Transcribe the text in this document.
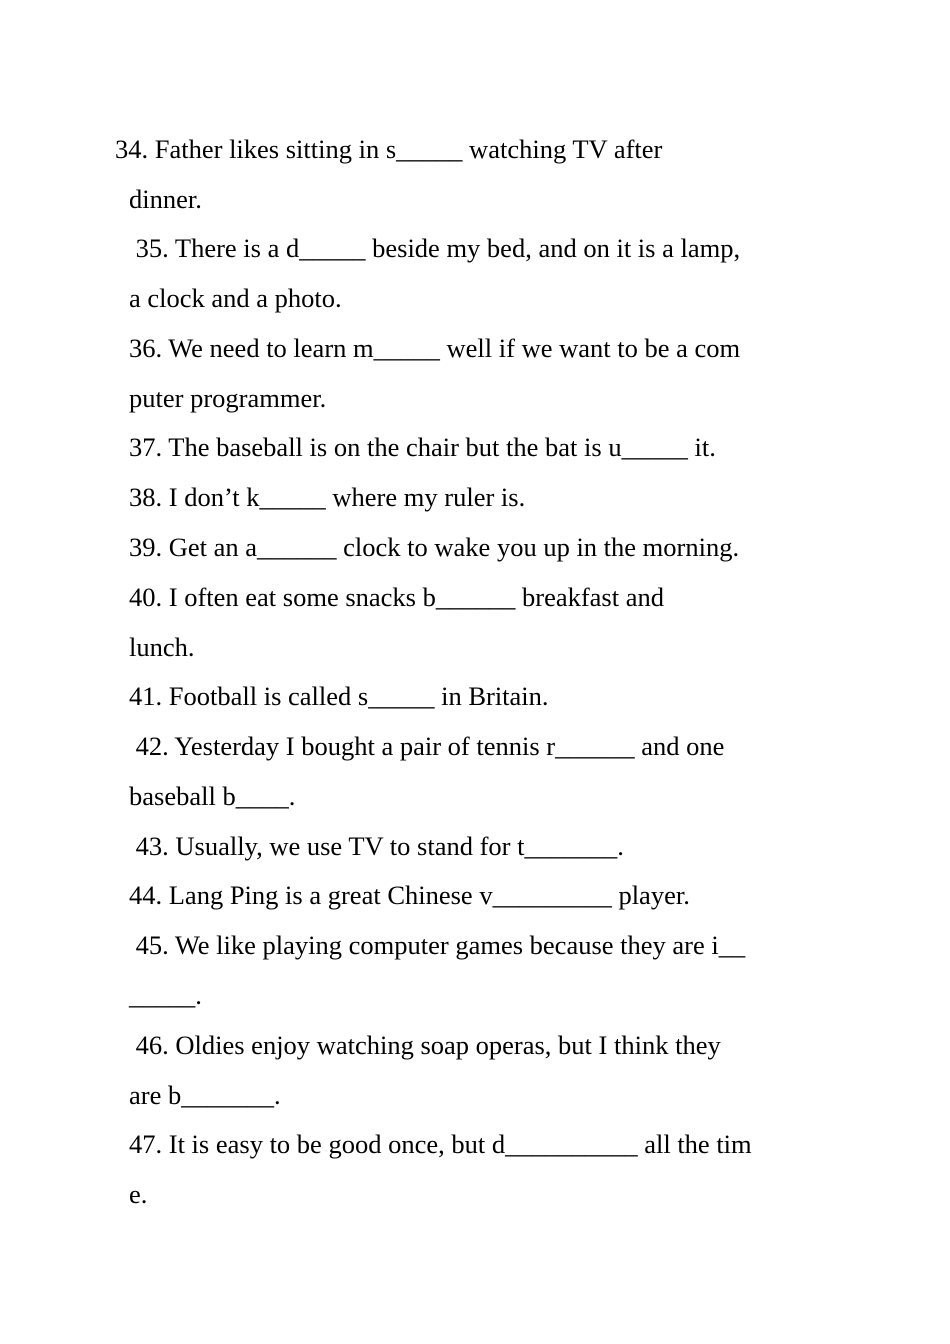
34. Father likes sitting in s_____ watching TV after
dinner.
35. There is a d_____ beside my bed, and on it is a lamp,
a clock and a photo.
36. We need to learn m_____ well if we want to be a com
puter programmer.
37. The baseball is on the chair but the bat is u_____ it.
38. I don’t k_____ where my ruler is.
39. Get an a______ clock to wake you up in the morning.
40. I often eat some snacks b______ breakfast and
lunch.
41. Football is called s_____ in Britain.
42. Yesterday I bought a pair of tennis r______ and one
baseball b____.
43. Usually, we use TV to stand for t_______.
44. Lang Ping is a great Chinese v_________ player.
45. We like playing computer games because they are i__
_____.
46. Oldies enjoy watching soap operas, but I think they
are b_______.
47. It is easy to be good once, but d__________ all the tim
e.
